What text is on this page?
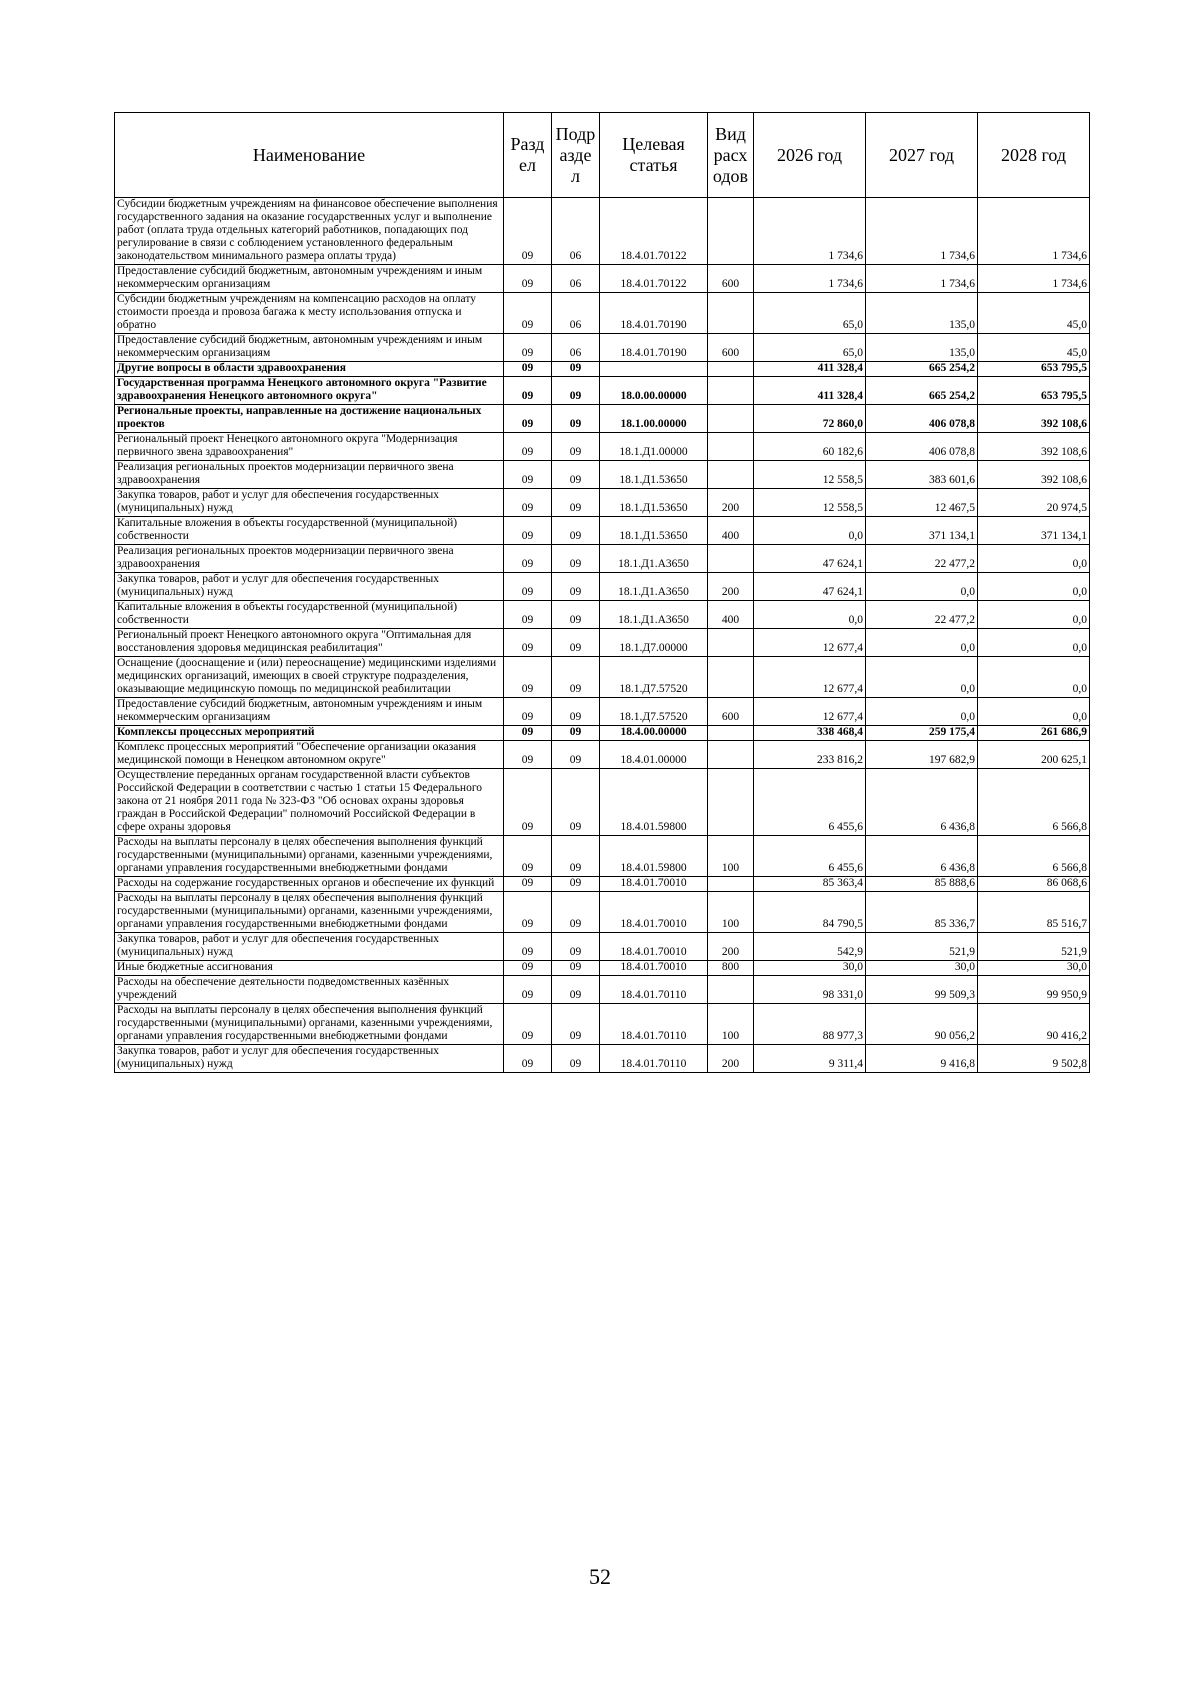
Наименование	Разд ел	Подр азде л	Целевая статья	Вид расх одов	2026 год	2027 год	2028 год
Субсидии бюджетным учреждениям на финансовое обеспечение выполнения государственного задания на оказание государственных услуг и выполнение работ (оплата труда отдельных категорий работников, попадающих под регулирование в связи с соблюдением установленного федеральным законодательством минимального размера оплаты труда)	09	06	18.4.01.70122		1 734,6	1 734,6	1 734,6
Предоставление субсидий бюджетным, автономным учреждениям и иным некоммерческим организациям	09	06	18.4.01.70122	600	1 734,6	1 734,6	1 734,6
Субсидии бюджетным учреждениям на компенсацию расходов на оплату стоимости проезда и провоза багажа к месту использования отпуска и обратно	09	06	18.4.01.70190		65,0	135,0	45,0
Предоставление субсидий бюджетным, автономным учреждениям и иным некоммерческим организациям	09	06	18.4.01.70190	600	65,0	135,0	45,0
Другие вопросы в области здравоохранения	09	09			411 328,4	665 254,2	653 795,5
Государственная программа Ненецкого автономного округа "Развитие здравоохранения Ненецкого автономного округа"	09	09	18.0.00.00000		411 328,4	665 254,2	653 795,5
Региональные проекты, направленные на достижение национальных проектов	09	09	18.1.00.00000		72 860,0	406 078,8	392 108,6
Региональный проект Ненецкого автономного округа "Модернизация первичного звена здравоохранения"	09	09	18.1.Д1.00000		60 182,6	406 078,8	392 108,6
Реализация региональных проектов модернизации первичного звена здравоохранения	09	09	18.1.Д1.53650		12 558,5	383 601,6	392 108,6
Закупка товаров, работ и услуг для обеспечения государственных (муниципальных) нужд	09	09	18.1.Д1.53650	200	12 558,5	12 467,5	20 974,5
Капитальные вложения в объекты государственной (муниципальной) собственности	09	09	18.1.Д1.53650	400	0,0	371 134,1	371 134,1
Реализация региональных проектов модернизации первичного звена здравоохранения	09	09	18.1.Д1.А3650		47 624,1	22 477,2	0,0
Закупка товаров, работ и услуг для обеспечения государственных (муниципальных) нужд	09	09	18.1.Д1.А3650	200	47 624,1	0,0	0,0
Капитальные вложения в объекты государственной (муниципальной) собственности	09	09	18.1.Д1.А3650	400	0,0	22 477,2	0,0
Региональный проект Ненецкого автономного округа "Оптимальная для восстановления здоровья медицинская реабилитация"	09	09	18.1.Д7.00000		12 677,4	0,0	0,0
Оснащение (дооснащение и (или) переоснащение) медицинскими изделиями медицинских организаций, имеющих в своей структуре подразделения, оказывающие медицинскую помощь по медицинской реабилитации	09	09	18.1.Д7.57520		12 677,4	0,0	0,0
Предоставление субсидий бюджетным, автономным учреждениям и иным некоммерческим организациям	09	09	18.1.Д7.57520	600	12 677,4	0,0	0,0
Комплексы процессных мероприятий	09	09	18.4.00.00000		338 468,4	259 175,4	261 686,9
Комплекс процессных мероприятий "Обеспечение организации оказания медицинской помощи в Ненецком автономном округе"	09	09	18.4.01.00000		233 816,2	197 682,9	200 625,1
Осуществление переданных органам государственной власти субъектов Российской Федерации в соответствии с частью 1 статьи 15 Федерального закона от 21 ноября 2011 года № 323-ФЗ "Об основах охраны здоровья граждан в Российской Федерации" полномочий Российской Федерации в сфере охраны здоровья	09	09	18.4.01.59800		6 455,6	6 436,8	6 566,8
Расходы на выплаты персоналу в целях обеспечения выполнения функций государственными (муниципальными) органами, казенными учреждениями, органами управления государственными внебюджетными фондами	09	09	18.4.01.59800	100	6 455,6	6 436,8	6 566,8
Расходы на содержание государственных органов и обеспечение их функций	09	09	18.4.01.70010		85 363,4	85 888,6	86 068,6
Расходы на выплаты персоналу в целях обеспечения выполнения функций государственными (муниципальными) органами, казенными учреждениями, органами управления государственными внебюджетными фондами	09	09	18.4.01.70010	100	84 790,5	85 336,7	85 516,7
Закупка товаров, работ и услуг для обеспечения государственных (муниципальных) нужд	09	09	18.4.01.70010	200	542,9	521,9	521,9
Иные бюджетные ассигнования	09	09	18.4.01.70010	800	30,0	30,0	30,0
Расходы на обеспечение деятельности подведомственных казённых учреждений	09	09	18.4.01.70110		98 331,0	99 509,3	99 950,9
Расходы на выплаты персоналу в целях обеспечения выполнения функций государственными (муниципальными) органами, казенными учреждениями, органами управления государственными внебюджетными фондами	09	09	18.4.01.70110	100	88 977,3	90 056,2	90 416,2
Закупка товаров, работ и услуг для обеспечения государственных (муниципальных) нужд	09	09	18.4.01.70110	200	9 311,4	9 416,8	9 502,8
52
